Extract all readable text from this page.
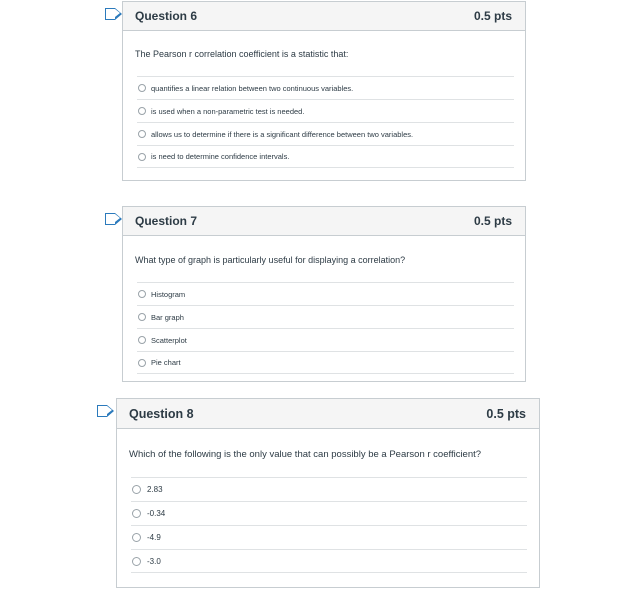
Question 6	0.5 pts
The Pearson r correlation coefficient is a statistic that:
quantifies a linear relation between two continuous variables.
is used when a non-parametric test is needed.
allows us to determine if there is a significant difference between two variables.
is need to determine confidence intervals.
Question 7	0.5 pts
What type of graph is particularly useful for displaying a correlation?
Histogram
Bar graph
Scatterplot
Pie chart
Question 8	0.5 pts
Which of the following is the only value that can possibly be a Pearson r coefficient?
2.83
-0.34
-4.9
-3.0
